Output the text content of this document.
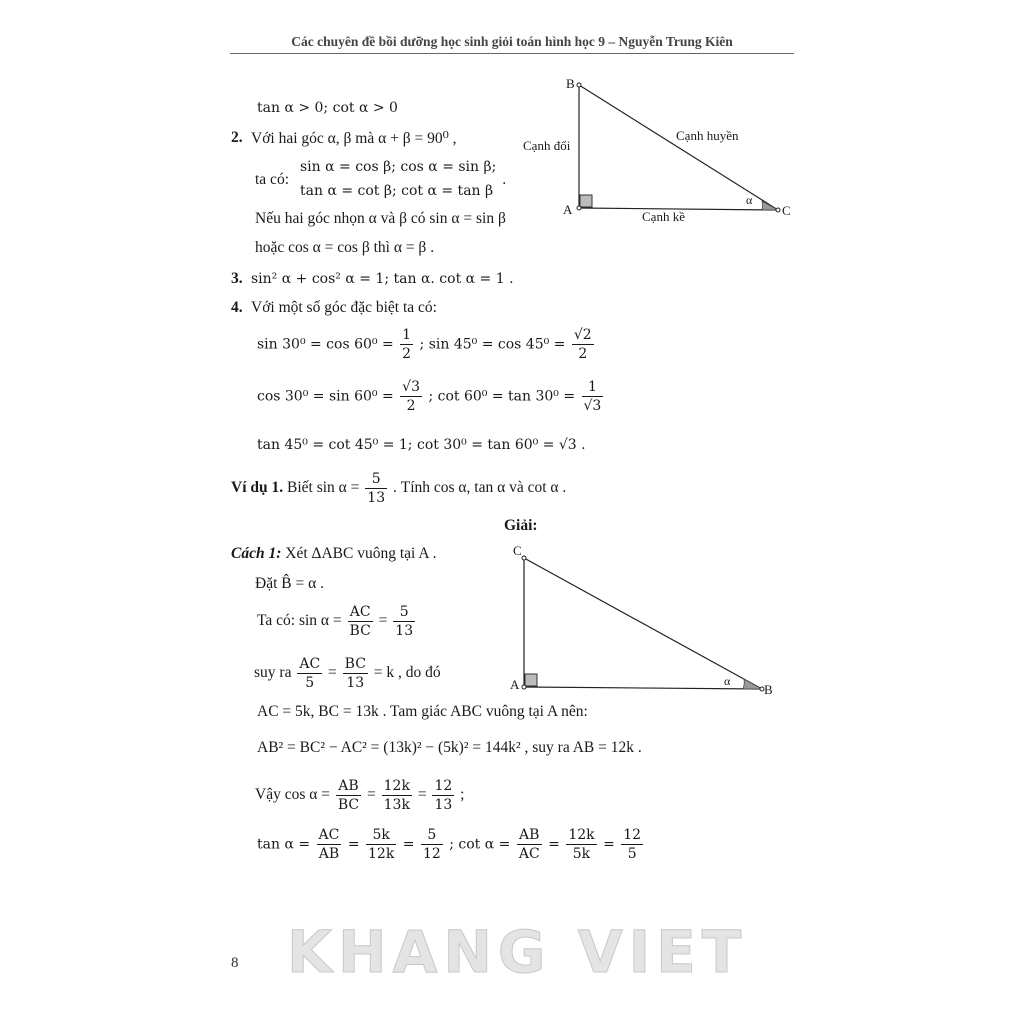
Các chuyên đề bồi dưỡng học sinh giỏi toán hình học 9 – Nguyễn Trung Kiên
B
A	C
Cạnh đối
Cạnh huyền
Cạnh kề
α
tan α > 0; cot α > 0
2. Với hai góc α, β mà α + β = 90⁰ ,
ta có:
sin α = cos β; cos α = sin β;
tan α = cot β; cot α = tan β
.
Nếu hai góc nhọn α và β có sin α = sin β
hoặc cos α = cos β thì α = β .
3. sin² α + cos² α = 1; tan α. cot α = 1 .
4. Với một số góc đặc biệt ta có:
$\sin 30^0 = \cos 60^0 = \frac{1}{2}$ ; $\sin 45^0 = \cos 45^0 = \frac{√2}{2}$
$\cos 30^0 = \sin 60^0 = \frac{√3}{2}$ ; $\cot 60^0 = \tan 30^0 = \frac{1}{√3}$
tan 45⁰ = cot 45⁰ = 1; cot 30⁰ = tan 60⁰ = √3 .
Ví dụ 1. Biết $\sin \alpha = \frac{5}{13}$ . Tính cos α, tan α và cot α .
Giải:
Cách 1: Xét ΔABC vuông tại A .
Đặt B̂ = α .
Ta có: $\sin \alpha = \frac{AC}{BC} = \frac{5}{13}$
suy ra $\frac{AC}{5} = \frac{BC}{13} = k$ , do đó
AC = 5k, BC = 13k . Tam giác ABC vuông tại A nên:
AB² = BC² − AC² = (13k)² − (5k)² = 144k² , suy ra AB = 12k .
Vậy $\cos \alpha = \frac{AB}{BC} = \frac{12k}{13k} = \frac{12}{13}$ ;
$\tan \alpha = \frac{AC}{AB} = \frac{5k}{12k} = \frac{5}{12}$ ; $\cot \alpha = \frac{AB}{AC} = \frac{12k}{5k} = \frac{12}{5}$
C
A	B
α
8 KHANG VIET
